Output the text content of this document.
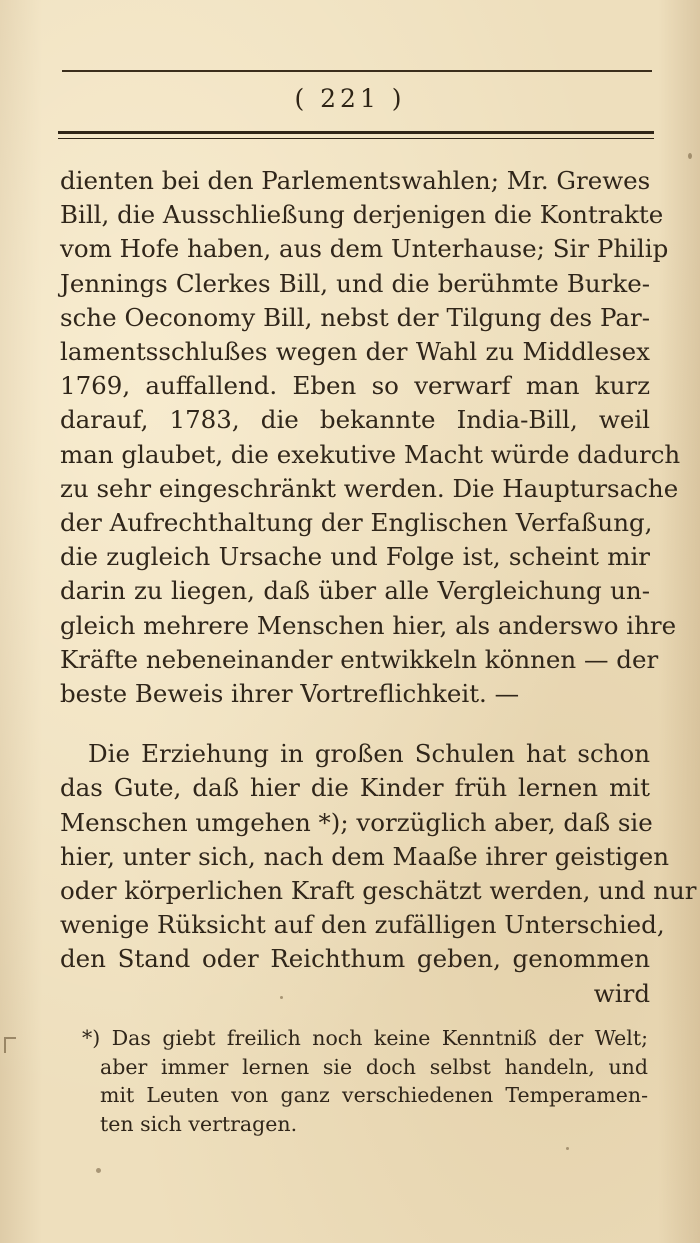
( 221 )
dienten bei den Parlementswahlen; Mr. Grewes
Bill, die Ausschließung derjenigen die Kontrakte
vom Hofe haben, aus dem Unterhause; Sir Philip
Jennings Clerkes Bill, und die berühmte Burke-
sche Oeconomy Bill, nebst der Tilgung des Par-
lamentsschlußes wegen der Wahl zu Middlesex
1769, auffallend. Eben so verwarf man kurz
darauf, 1783, die bekannte India-Bill, weil
man glaubet, die exekutive Macht würde dadurch
zu sehr eingeschränkt werden. Die Hauptursache
der Aufrechthaltung der Englischen Verfaßung,
die zugleich Ursache und Folge ist, scheint mir
darin zu liegen, daß über alle Vergleichung un-
gleich mehrere Menschen hier, als anderswo ihre
Kräfte nebeneinander entwikkeln können — der
beste Beweis ihrer Vortreflichkeit. —
Die Erziehung in großen Schulen hat schon
das Gute, daß hier die Kinder früh lernen mit
Menschen umgehen *); vorzüglich aber, daß sie
hier, unter sich, nach dem Maaße ihrer geistigen
oder körperlichen Kraft geschätzt werden, und nur
wenige Rüksicht auf den zufälligen Unterschied,
den Stand oder Reichthum geben, genommen
wird
*) Das giebt freilich noch keine Kenntniß der Welt;
aber immer lernen sie doch selbst handeln, und
mit Leuten von ganz verschiedenen Temperamen-
ten sich vertragen.
